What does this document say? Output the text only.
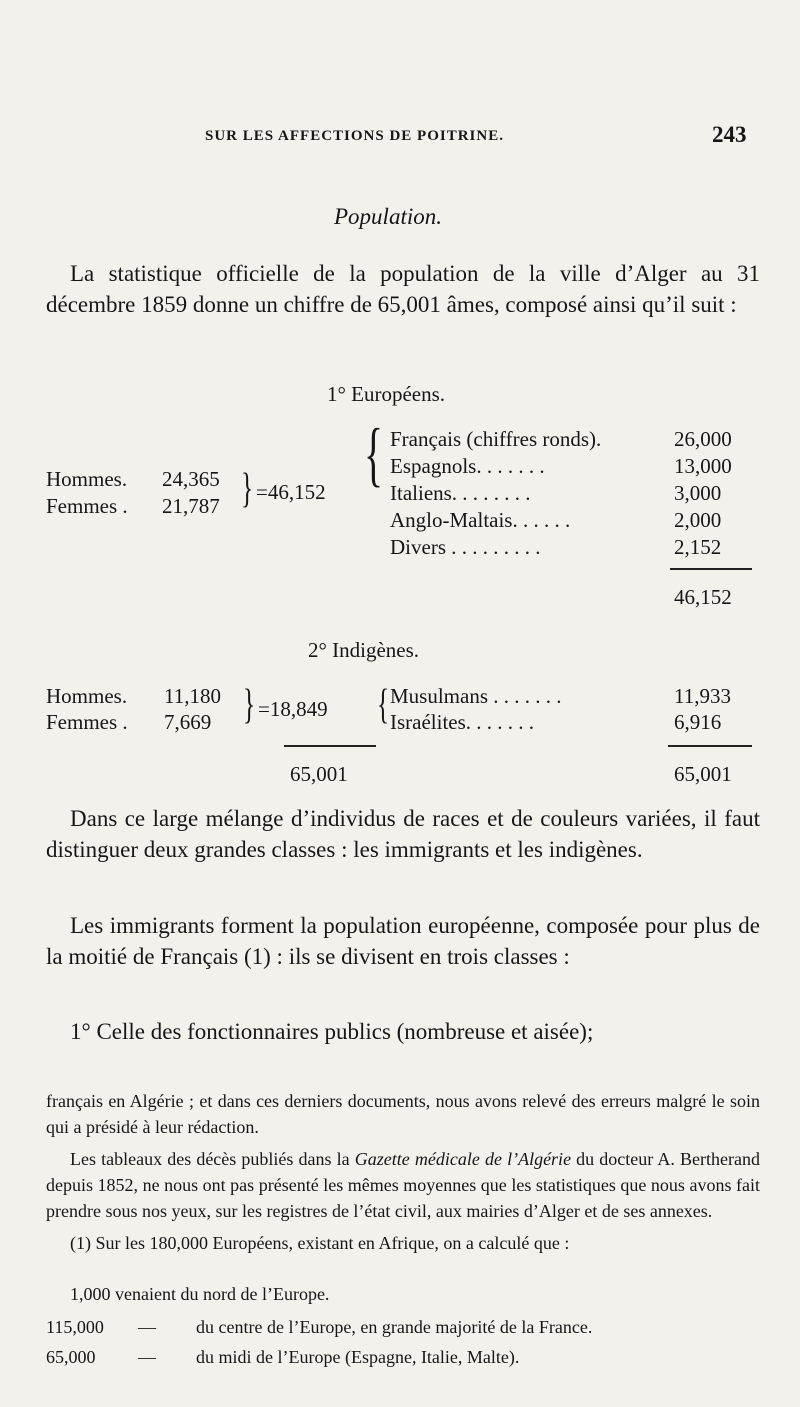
SUR LES AFFECTIONS DE POITRINE.	243
Population.
La statistique officielle de la population de la ville d’Alger au 31 décembre 1859 donne un chiffre de 65,001 âmes, composé ainsi qu’il suit :
1° Européens.
Hommes. 24,365
Femmes . 21,787 } =46,152 { Français (chiffres ronds).	26,000
Espagnols. . . . . . .	13,000
Italiens. . . . . . . .	3,000
Anglo-Maltais. . . . . .	2,000
Divers . . . . . . . . .	2,152
46,152
2° Indigènes.
Hommes. 11,180
Femmes . 7,669 } =18,849 { Musulmans . . . . . . .	11,933
Israélites. . . . . . .	6,916
65,001	65,001
Dans ce large mélange d’individus de races et de couleurs variées, il faut distinguer deux grandes classes : les immigrants et les indigènes.
Les immigrants forment la population européenne, composée pour plus de la moitié de Français (1) : ils se divisent en trois classes :
1° Celle des fonctionnaires publics (nombreuse et aisée);

français en Algérie ; et dans ces derniers documents, nous avons relevé des erreurs malgré le soin qui a présidé à leur rédaction.

Les tableaux des décès publiés dans la Gazette médicale de l’Algérie du docteur A. Bertherand depuis 1852, ne nous ont pas présenté les mêmes moyennes que les statistiques que nous avons fait prendre sous nos yeux, sur les registres de l’état civil, aux mairies d’Alger et de ses annexes.

(1) Sur les 180,000 Européens, existant en Afrique, on a calculé que :

1,000 venaient du nord de l’Europe.
115,000 — du centre de l’Europe, en grande majorité de la France.
65,000 — du midi de l’Europe (Espagne, Italie, Malte).
